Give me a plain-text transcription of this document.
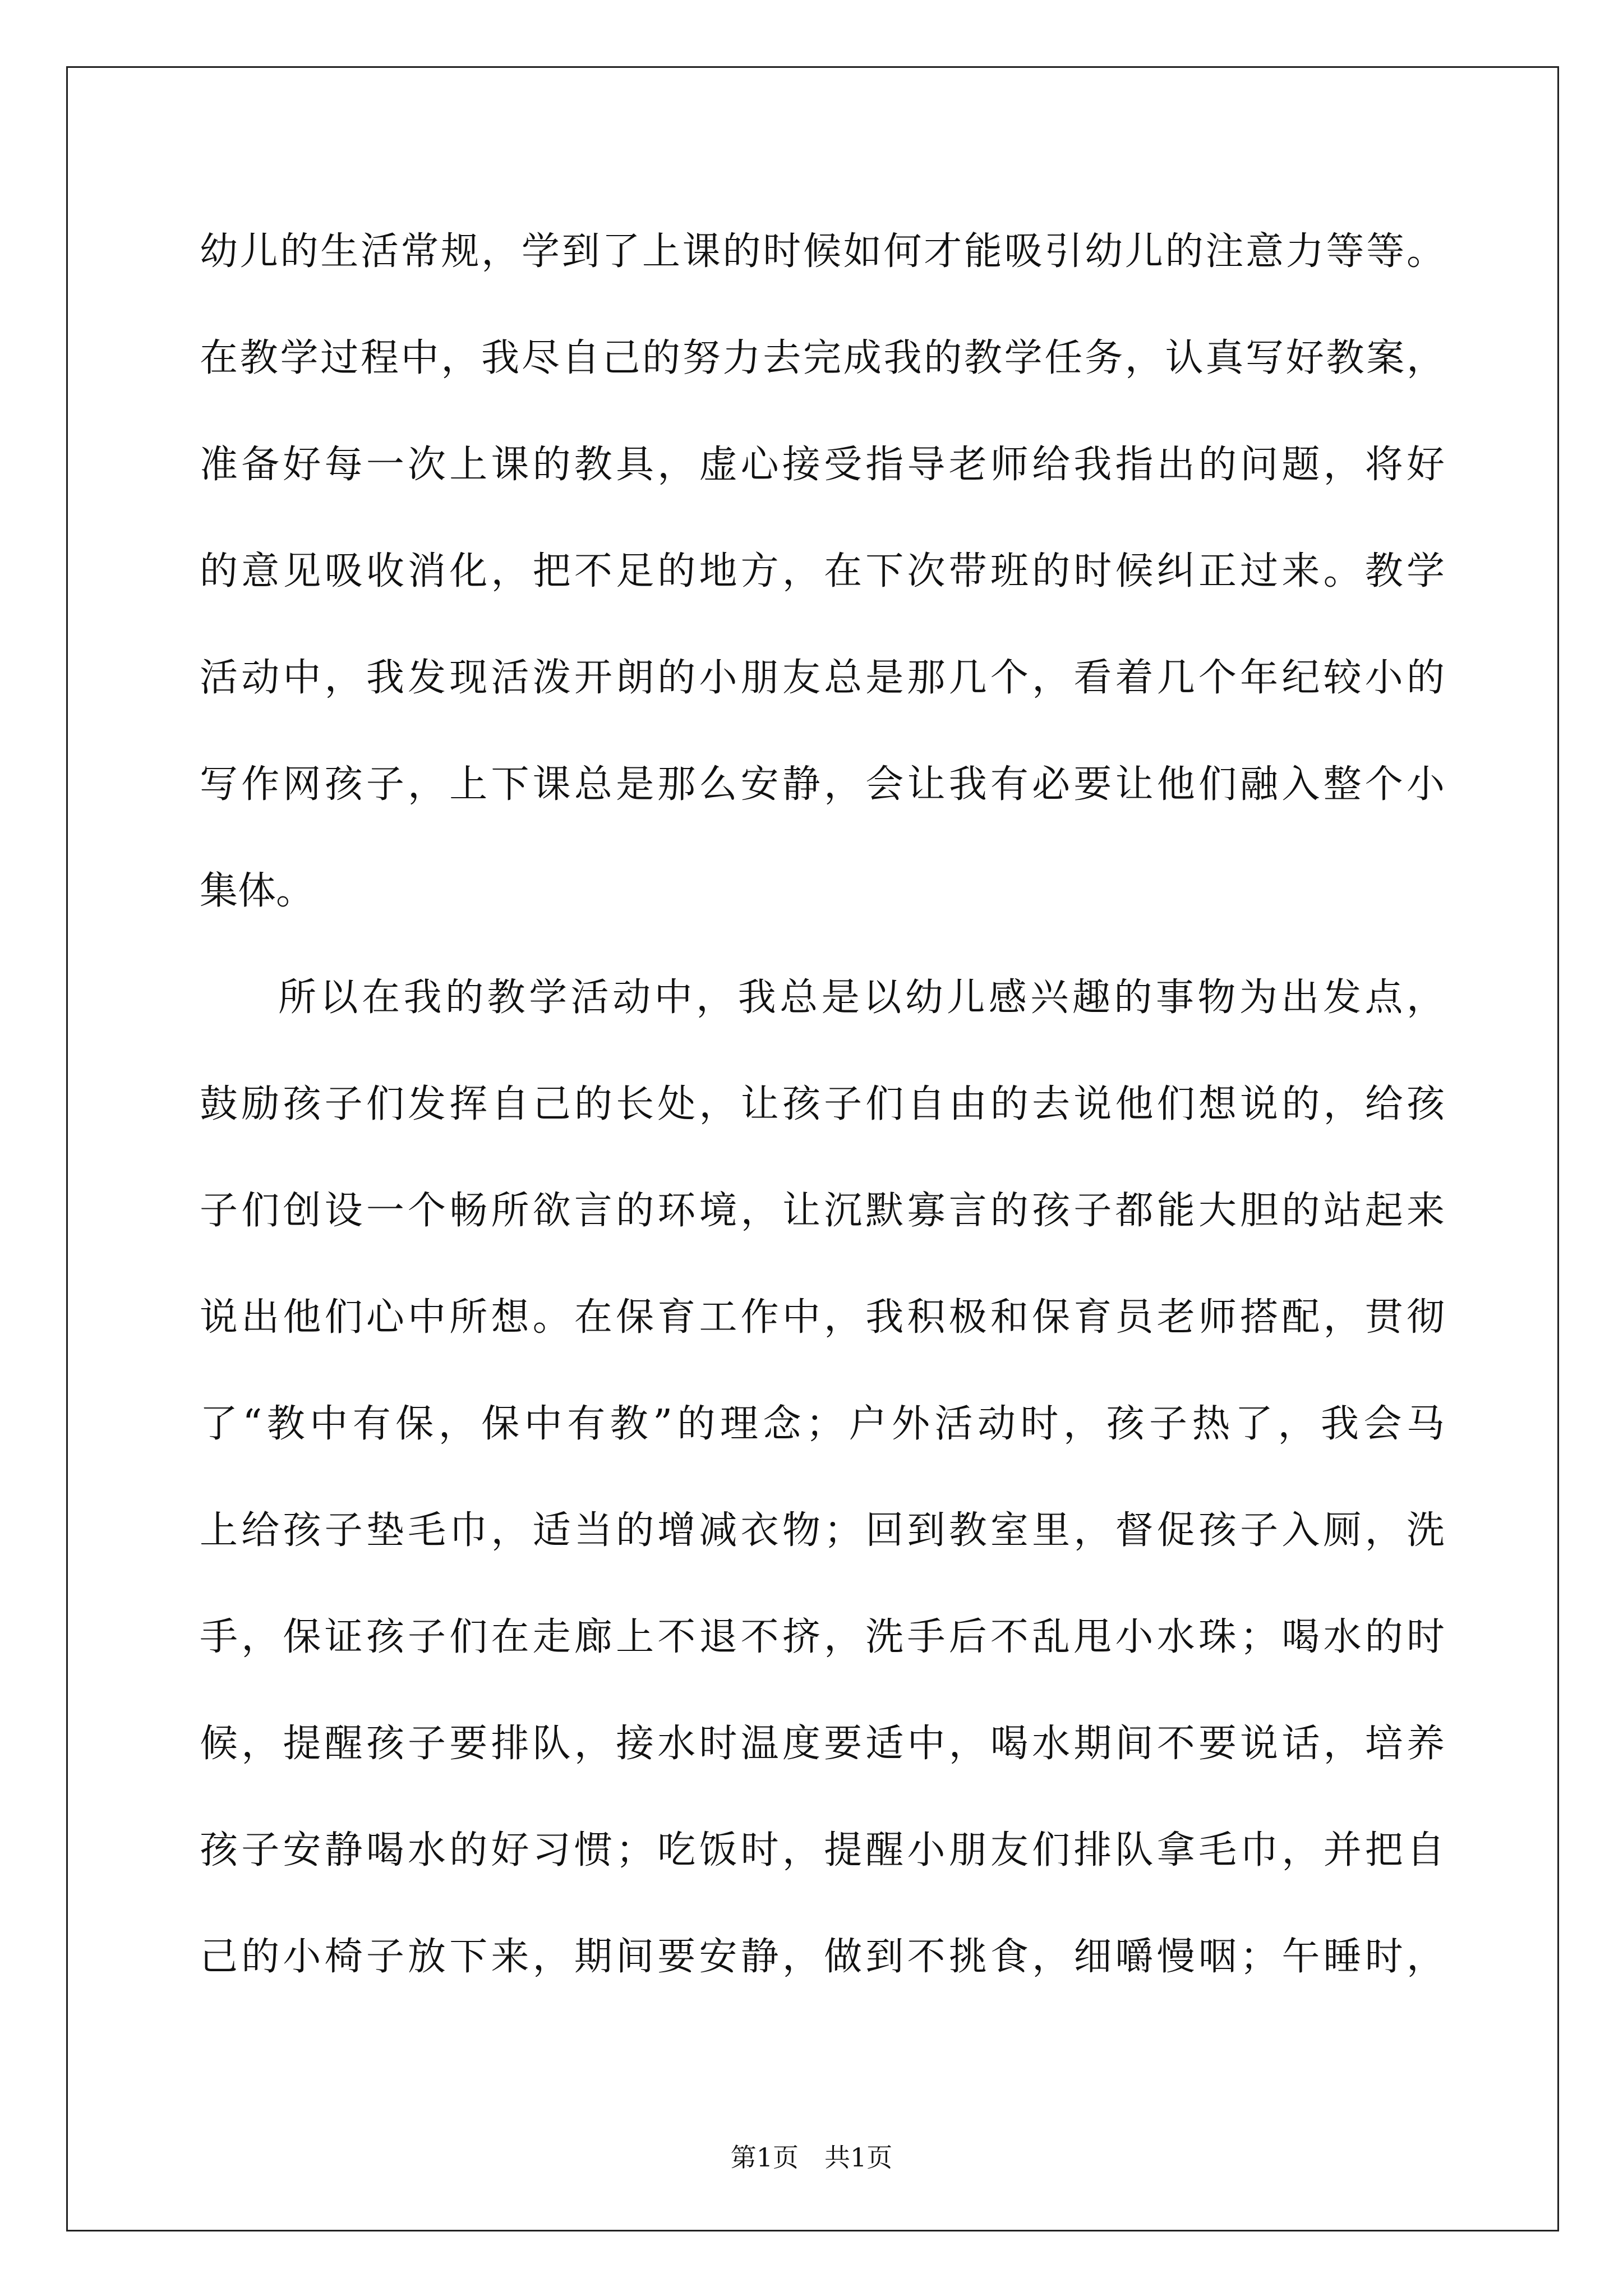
幼儿的生活常规，学到了上课的时候如何才能吸引幼儿的注意力等等。
在教学过程中，我尽自己的努力去完成我的教学任务，认真写好教案，
准备好每一次上课的教具，虚心接受指导老师给我指出的问题，将好
的意见吸收消化，把不足的地方，在下次带班的时候纠正过来。教学
活动中，我发现活泼开朗的小朋友总是那几个，看着几个年纪较小的
写作网孩子，上下课总是那么安静，会让我有必要让他们融入整个小
集体。
所以在我的教学活动中，我总是以幼儿感兴趣的事物为出发点，
鼓励孩子们发挥自己的长处，让孩子们自由的去说他们想说的，给孩
子们创设一个畅所欲言的环境，让沉默寡言的孩子都能大胆的站起来
说出他们心中所想。在保育工作中，我积极和保育员老师搭配，贯彻
了“教中有保，保中有教”的理念；户外活动时，孩子热了，我会马
上给孩子垫毛巾，适当的增减衣物；回到教室里，督促孩子入厕，洗
手，保证孩子们在走廊上不退不挤，洗手后不乱甩小水珠；喝水的时
候，提醒孩子要排队，接水时温度要适中，喝水期间不要说话，培养
孩子安静喝水的好习惯；吃饭时，提醒小朋友们排队拿毛巾，并把自
己的小椅子放下来，期间要安静，做到不挑食，细嚼慢咽；午睡时，
第1页　共1页
